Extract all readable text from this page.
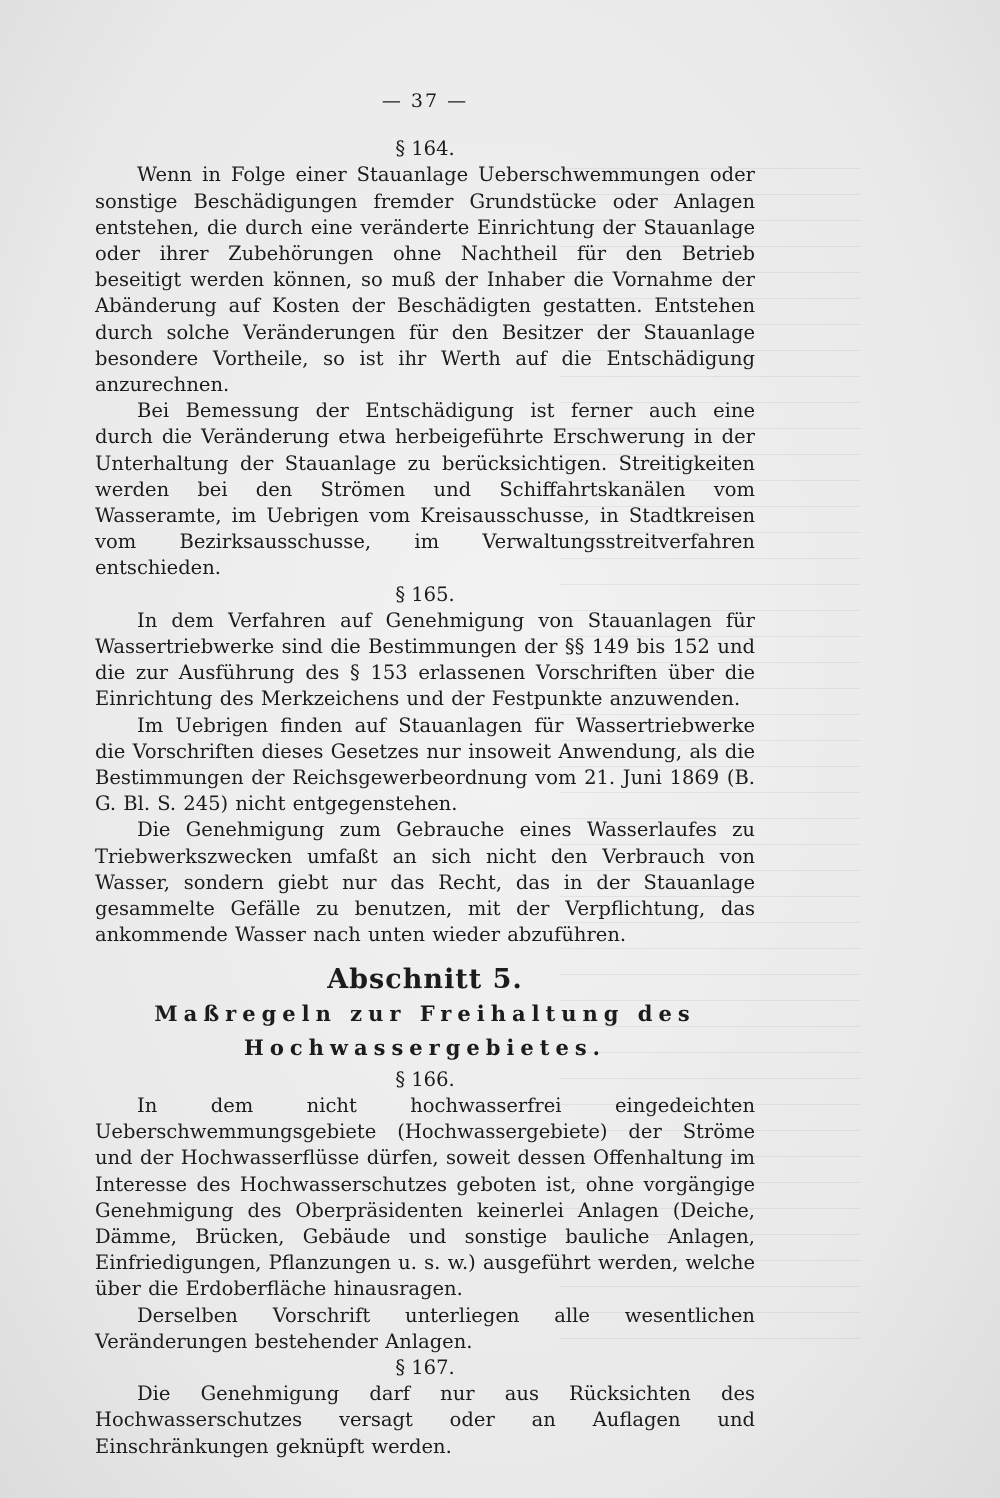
— 37 —

§ 164.

Wenn in Folge einer Stauanlage Ueberschwemmungen oder sonstige Beschädigungen fremder Grundstücke oder Anlagen entstehen, die durch eine veränderte Einrichtung der Stauanlage oder ihrer Zubehörungen ohne Nachtheil für den Betrieb beseitigt werden können, so muß der Inhaber die Vornahme der Abänderung auf Kosten der Beschädigten gestatten. Entstehen durch solche Veränderungen für den Besitzer der Stauanlage besondere Vortheile, so ist ihr Werth auf die Entschädigung anzurechnen.

Bei Bemessung der Entschädigung ist ferner auch eine durch die Veränderung etwa herbeigeführte Erschwerung in der Unterhaltung der Stauanlage zu berücksichtigen. Streitigkeiten werden bei den Strömen und Schiffahrtskanälen vom Wasseramte, im Uebrigen vom Kreisausschusse, in Stadtkreisen vom Bezirksausschusse, im Verwaltungsstreitverfahren entschieden.

§ 165.

In dem Verfahren auf Genehmigung von Stauanlagen für Wassertriebwerke sind die Bestimmungen der §§ 149 bis 152 und die zur Ausführung des § 153 erlassenen Vorschriften über die Einrichtung des Merkzeichens und der Festpunkte anzuwenden.

Im Uebrigen finden auf Stauanlagen für Wassertriebwerke die Vorschriften dieses Gesetzes nur insoweit Anwendung, als die Bestimmungen der Reichsgewerbeordnung vom 21. Juni 1869 (B. G. Bl. S. 245) nicht entgegenstehen.

Die Genehmigung zum Gebrauche eines Wasserlaufes zu Triebwerkszwecken umfaßt an sich nicht den Verbrauch von Wasser, sondern giebt nur das Recht, das in der Stauanlage gesammelte Gefälle zu benutzen, mit der Verpflichtung, das ankommende Wasser nach unten wieder abzuführen.

Abschnitt 5.

Maßregeln zur Freihaltung des

Hochwassergebietes.

§ 166.

In dem nicht hochwasserfrei eingedeichten Ueberschwemmungsgebiete (Hochwassergebiete) der Ströme und der Hochwasserflüsse dürfen, soweit dessen Offenhaltung im Interesse des Hochwasserschutzes geboten ist, ohne vorgängige Genehmigung des Oberpräsidenten keinerlei Anlagen (Deiche, Dämme, Brücken, Gebäude und sonstige bauliche Anlagen, Einfriedigungen, Pflanzungen u. s. w.) ausgeführt werden, welche über die Erdoberfläche hinausragen.

Derselben Vorschrift unterliegen alle wesentlichen Veränderungen bestehender Anlagen.

§ 167.

Die Genehmigung darf nur aus Rücksichten des Hochwasserschutzes versagt oder an Auflagen und Einschränkungen geknüpft werden.
